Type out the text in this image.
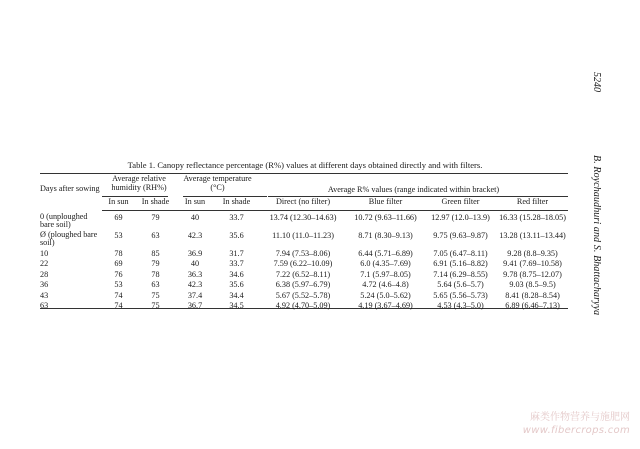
5240
B. Roychaudhuri and S. Bhattacharyya
Table 1. Canopy reflectance percentage (R%) values at different days obtained directly and with filters.
Days after sowing	Average relative humidity (RH%)		Average temperature (°C)		Average R% values (range indicated within bracket)			
	In sun	In shade	In sun	In shade	Direct (no filter)	Blue filter	Green filter	Red filter
0 (unploughed bare soil)	69	79	40	33.7	13.74 (12.30–14.63)	10.72 (9.63–11.66)	12.97 (12.0–13.9)	16.33 (15.28–18.05)
Ø (ploughed bare soil)	53	63	42.3	35.6	11.10 (11.0–11.23)	8.71 (8.30–9.13)	9.75 (9.63–9.87)	13.28 (13.11–13.44)
10	78	85	36.9	31.7	7.94 (7.53–8.06)	6.44 (5.71–6.89)	7.05 (6.47–8.11)	9.28 (8.8–9.35)
22	69	79	40	33.7	7.59 (6.22–10.09)	6.0 (4.35–7.69)	6.91 (5.16–8.82)	9.41 (7.69–10.58)
28	76	78	36.3	34.6	7.22 (6.52–8.11)	7.1 (5.97–8.05)	7.14 (6.29–8.55)	9.78 (8.75–12.07)
36	53	63	42.3	35.6	6.38 (5.97–6.79)	4.72 (4.6–4.8)	5.64 (5.6–5.7)	9.03 (8.5–9.5)
43	74	75	37.4	34.4	5.67 (5.52–5.78)	5.24 (5.0–5.62)	5.65 (5.56–5.73)	8.41 (8.28–8.54)
63	74	75	36.7	34.5	4.92 (4.70–5.09)	4.19 (3.67–4.69)	4.53 (4.3–5.0)	6.89 (6.46–7.13)
麻类作物营养与施肥网
www.fibercrops.com
